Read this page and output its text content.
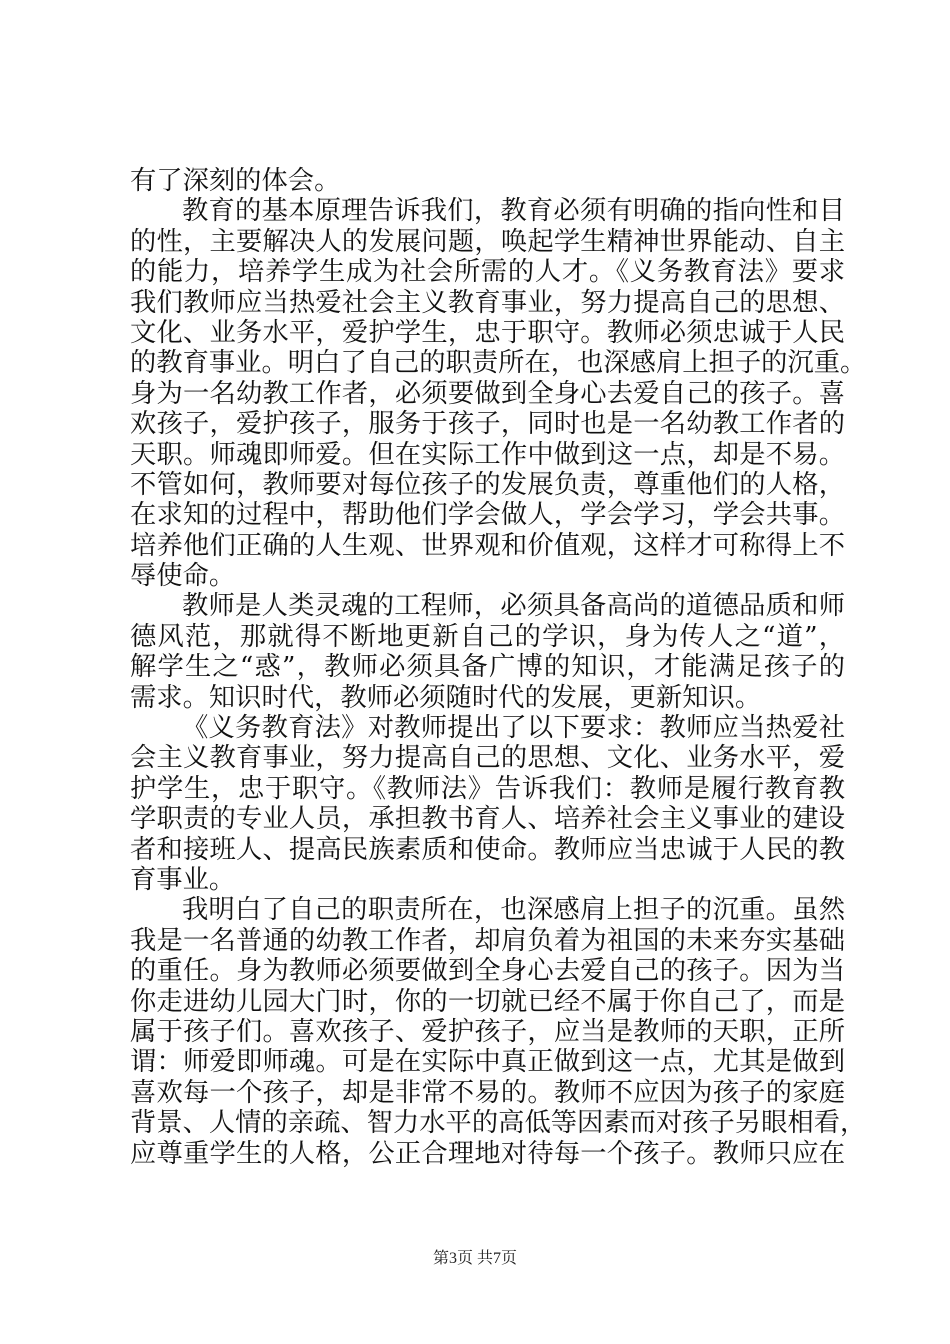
有了深刻的体会。
教育的基本原理告诉我们，教育必须有明确的指向性和目
的性，主要解决人的发展问题，唤起学生精神世界能动、自主
的能力，培养学生成为社会所需的人才。《义务教育法》要求
我们教师应当热爱社会主义教育事业，努力提高自己的思想、
文化、业务水平，爱护学生，忠于职守。教师必须忠诚于人民
的教育事业。明白了自己的职责所在，也深感肩上担子的沉重。
身为一名幼教工作者，必须要做到全身心去爱自己的孩子。喜
欢孩子，爱护孩子，服务于孩子，同时也是一名幼教工作者的
天职。师魂即师爱。但在实际工作中做到这一点，却是不易。
不管如何，教师要对每位孩子的发展负责，尊重他们的人格，
在求知的过程中，帮助他们学会做人，学会学习，学会共事。
培养他们正确的人生观、世界观和价值观，这样才可称得上不
辱使命。
教师是人类灵魂的工程师，必须具备高尚的道德品质和师
德风范，那就得不断地更新自己的学识，身为传人之“道”，
解学生之“惑”，教师必须具备广博的知识，才能满足孩子的
需求。知识时代，教师必须随时代的发展，更新知识。
《义务教育法》对教师提出了以下要求：教师应当热爱社
会主义教育事业，努力提高自己的思想、文化、业务水平，爱
护学生，忠于职守。《教师法》告诉我们：教师是履行教育教
学职责的专业人员，承担教书育人、培养社会主义事业的建设
者和接班人、提高民族素质和使命。教师应当忠诚于人民的教
育事业。
我明白了自己的职责所在，也深感肩上担子的沉重。虽然
我是一名普通的幼教工作者，却肩负着为祖国的未来夯实基础
的重任。身为教师必须要做到全身心去爱自己的孩子。因为当
你走进幼儿园大门时，你的一切就已经不属于你自己了，而是
属于孩子们。喜欢孩子、爱护孩子，应当是教师的天职，正所
谓：师爱即师魂。可是在实际中真正做到这一点，尤其是做到
喜欢每一个孩子，却是非常不易的。教师不应因为孩子的家庭
背景、人情的亲疏、智力水平的高低等因素而对孩子另眼相看，
应尊重学生的人格，公正合理地对待每一个孩子。教师只应在
第3页 共7页
